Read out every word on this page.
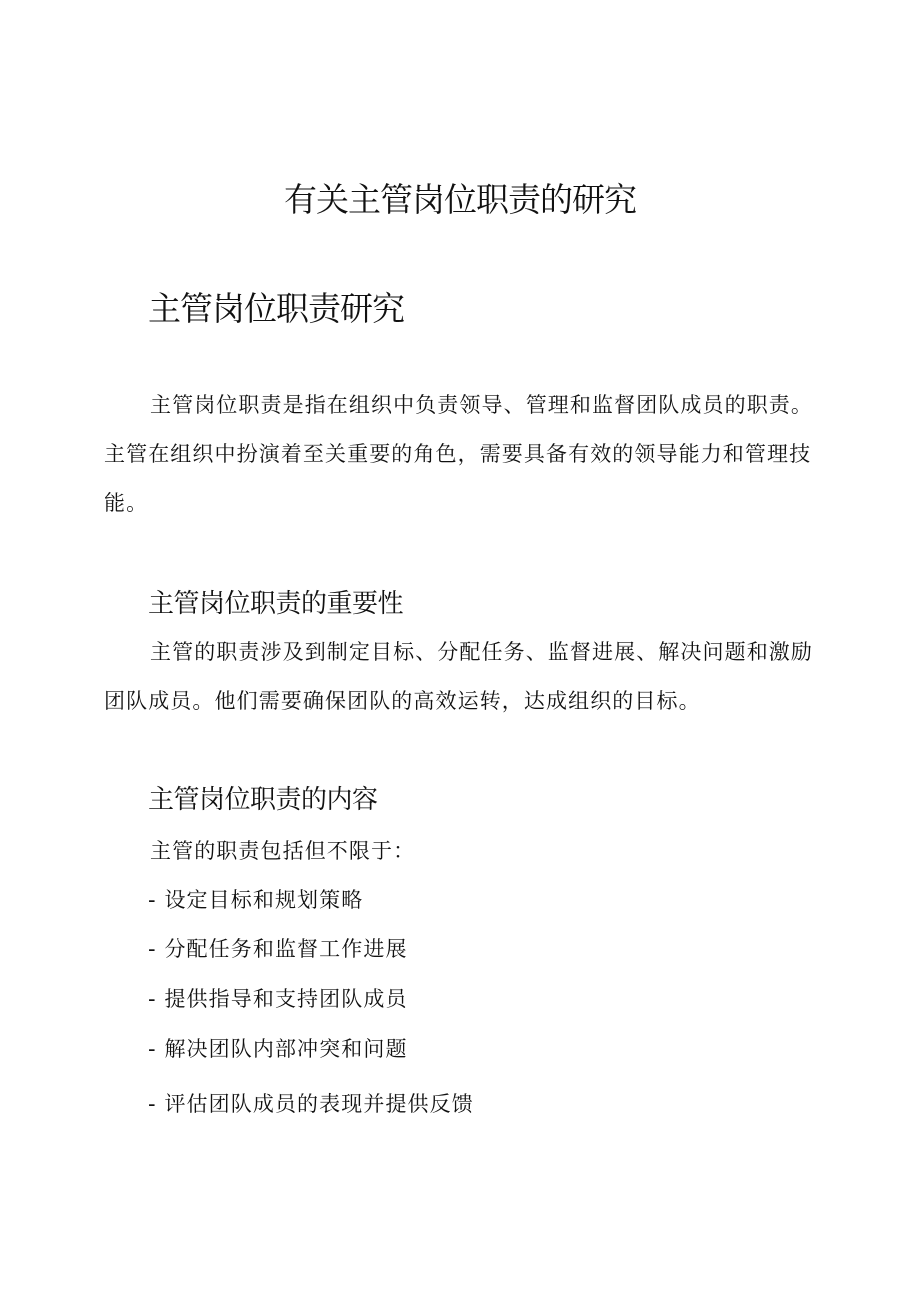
有关主管岗位职责的研究
主管岗位职责研究

主管岗位职责是指在组织中负责领导、管理和监督团队成员的职责。主管在组织中扮演着至关重要的角色，需要具备有效的领导能力和管理技能。

主管岗位职责的重要性

主管的职责涉及到制定目标、分配任务、监督进展、解决问题和激励团队成员。他们需要确保团队的高效运转，达成组织的目标。

主管岗位职责的内容

主管的职责包括但不限于：

- 设定目标和规划策略

- 分配任务和监督工作进展

- 提供指导和支持团队成员

- 解决团队内部冲突和问题

- 评估团队成员的表现并提供反馈
